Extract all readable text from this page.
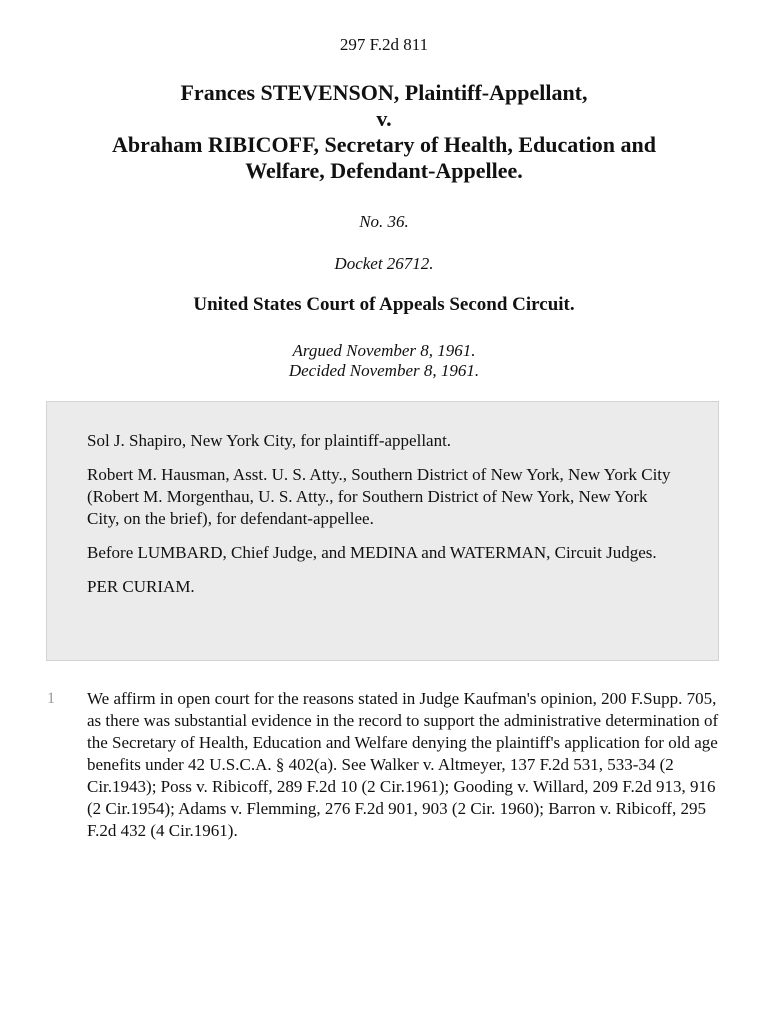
297 F.2d 811
Frances STEVENSON, Plaintiff-Appellant,
v.
Abraham RIBICOFF, Secretary of Health, Education and
Welfare, Defendant-Appellee.
No. 36.
Docket 26712.
United States Court of Appeals Second Circuit.
Argued November 8, 1961.
Decided November 8, 1961.

Sol J. Shapiro, New York City, for plaintiff-appellant.

Robert M. Hausman, Asst. U. S. Atty., Southern District of New York, New York City (Robert M. Morgenthau, U. S. Atty., for Southern District of New York, New York City, on the brief), for defendant-appellee.

Before LUMBARD, Chief Judge, and MEDINA and WATERMAN, Circuit Judges.

PER CURIAM.

1 We affirm in open court for the reasons stated in Judge Kaufman's opinion, 200 F.Supp. 705, as there was substantial evidence in the record to support the administrative determination of the Secretary of Health, Education and Welfare denying the plaintiff's application for old age benefits under 42 U.S.C.A. § 402(a). See Walker v. Altmeyer, 137 F.2d 531, 533-34 (2 Cir.1943); Poss v. Ribicoff, 289 F.2d 10 (2 Cir.1961); Gooding v. Willard, 209 F.2d 913, 916 (2 Cir.1954); Adams v. Flemming, 276 F.2d 901, 903 (2 Cir. 1960); Barron v. Ribicoff, 295 F.2d 432 (4 Cir.1961).
